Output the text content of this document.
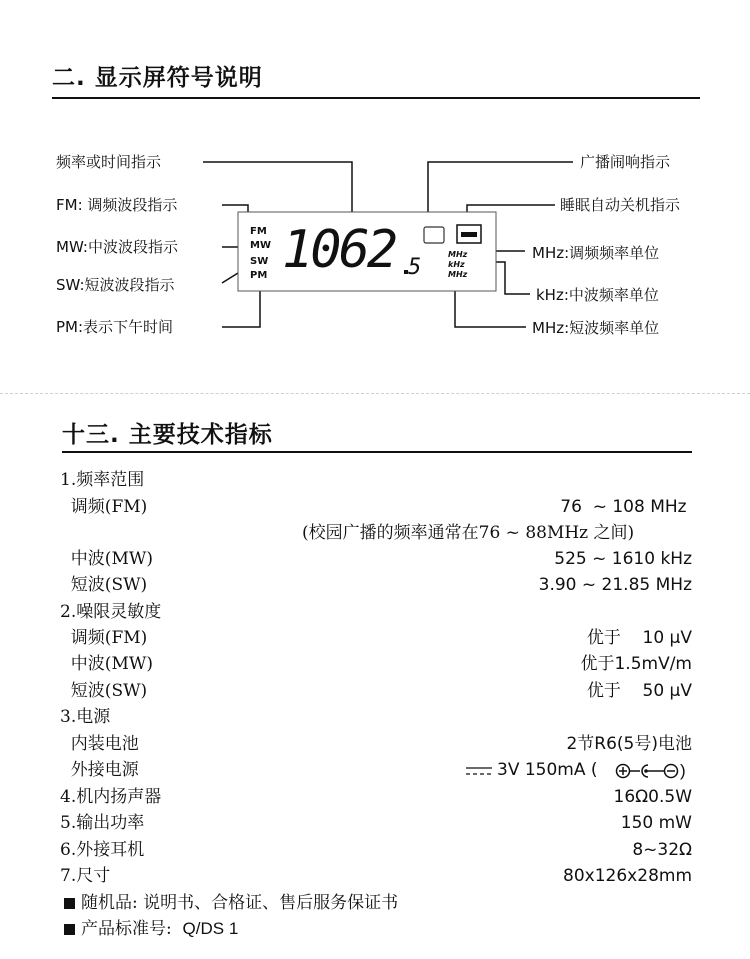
二. 显示屏符号说明
频率或时间指示
FM: 调频波段指示
MW:中波波段指示
SW:短波波段指示
PM:表示下午时间
广播闹响指示
睡眠自动关机指示
MHz:调频频率单位
kHz:中波频率单位
MHz:短波频率单位
FM
MW
SW
PM 1062 5
MHz
kHz
MHz
十三. 主要技术指标
1.频率范围
调频(FM)	76  ~ 108 MHz
(校园广播的频率通常在76 ~ 88MHz 之间)
中波(MW)	525 ~ 1610 kHz
短波(SW)	3.90 ~ 21.85 MHz
2.噪限灵敏度
调频(FM)	优于    10 μV
中波(MW)	优于1.5mV/m
短波(SW)	优于    50 μV
3.电源
内装电池	2节R6(5号)电池
外接电源	3V 150mA (	)
4.机内扬声器	16Ω0.5W
5.输出功率	150 mW
6.外接耳机	8~32Ω
7.尺寸	80x126x28mm
随机品: 说明书、合格证、售后服务保证书
产品标准号: Q/DS 1
